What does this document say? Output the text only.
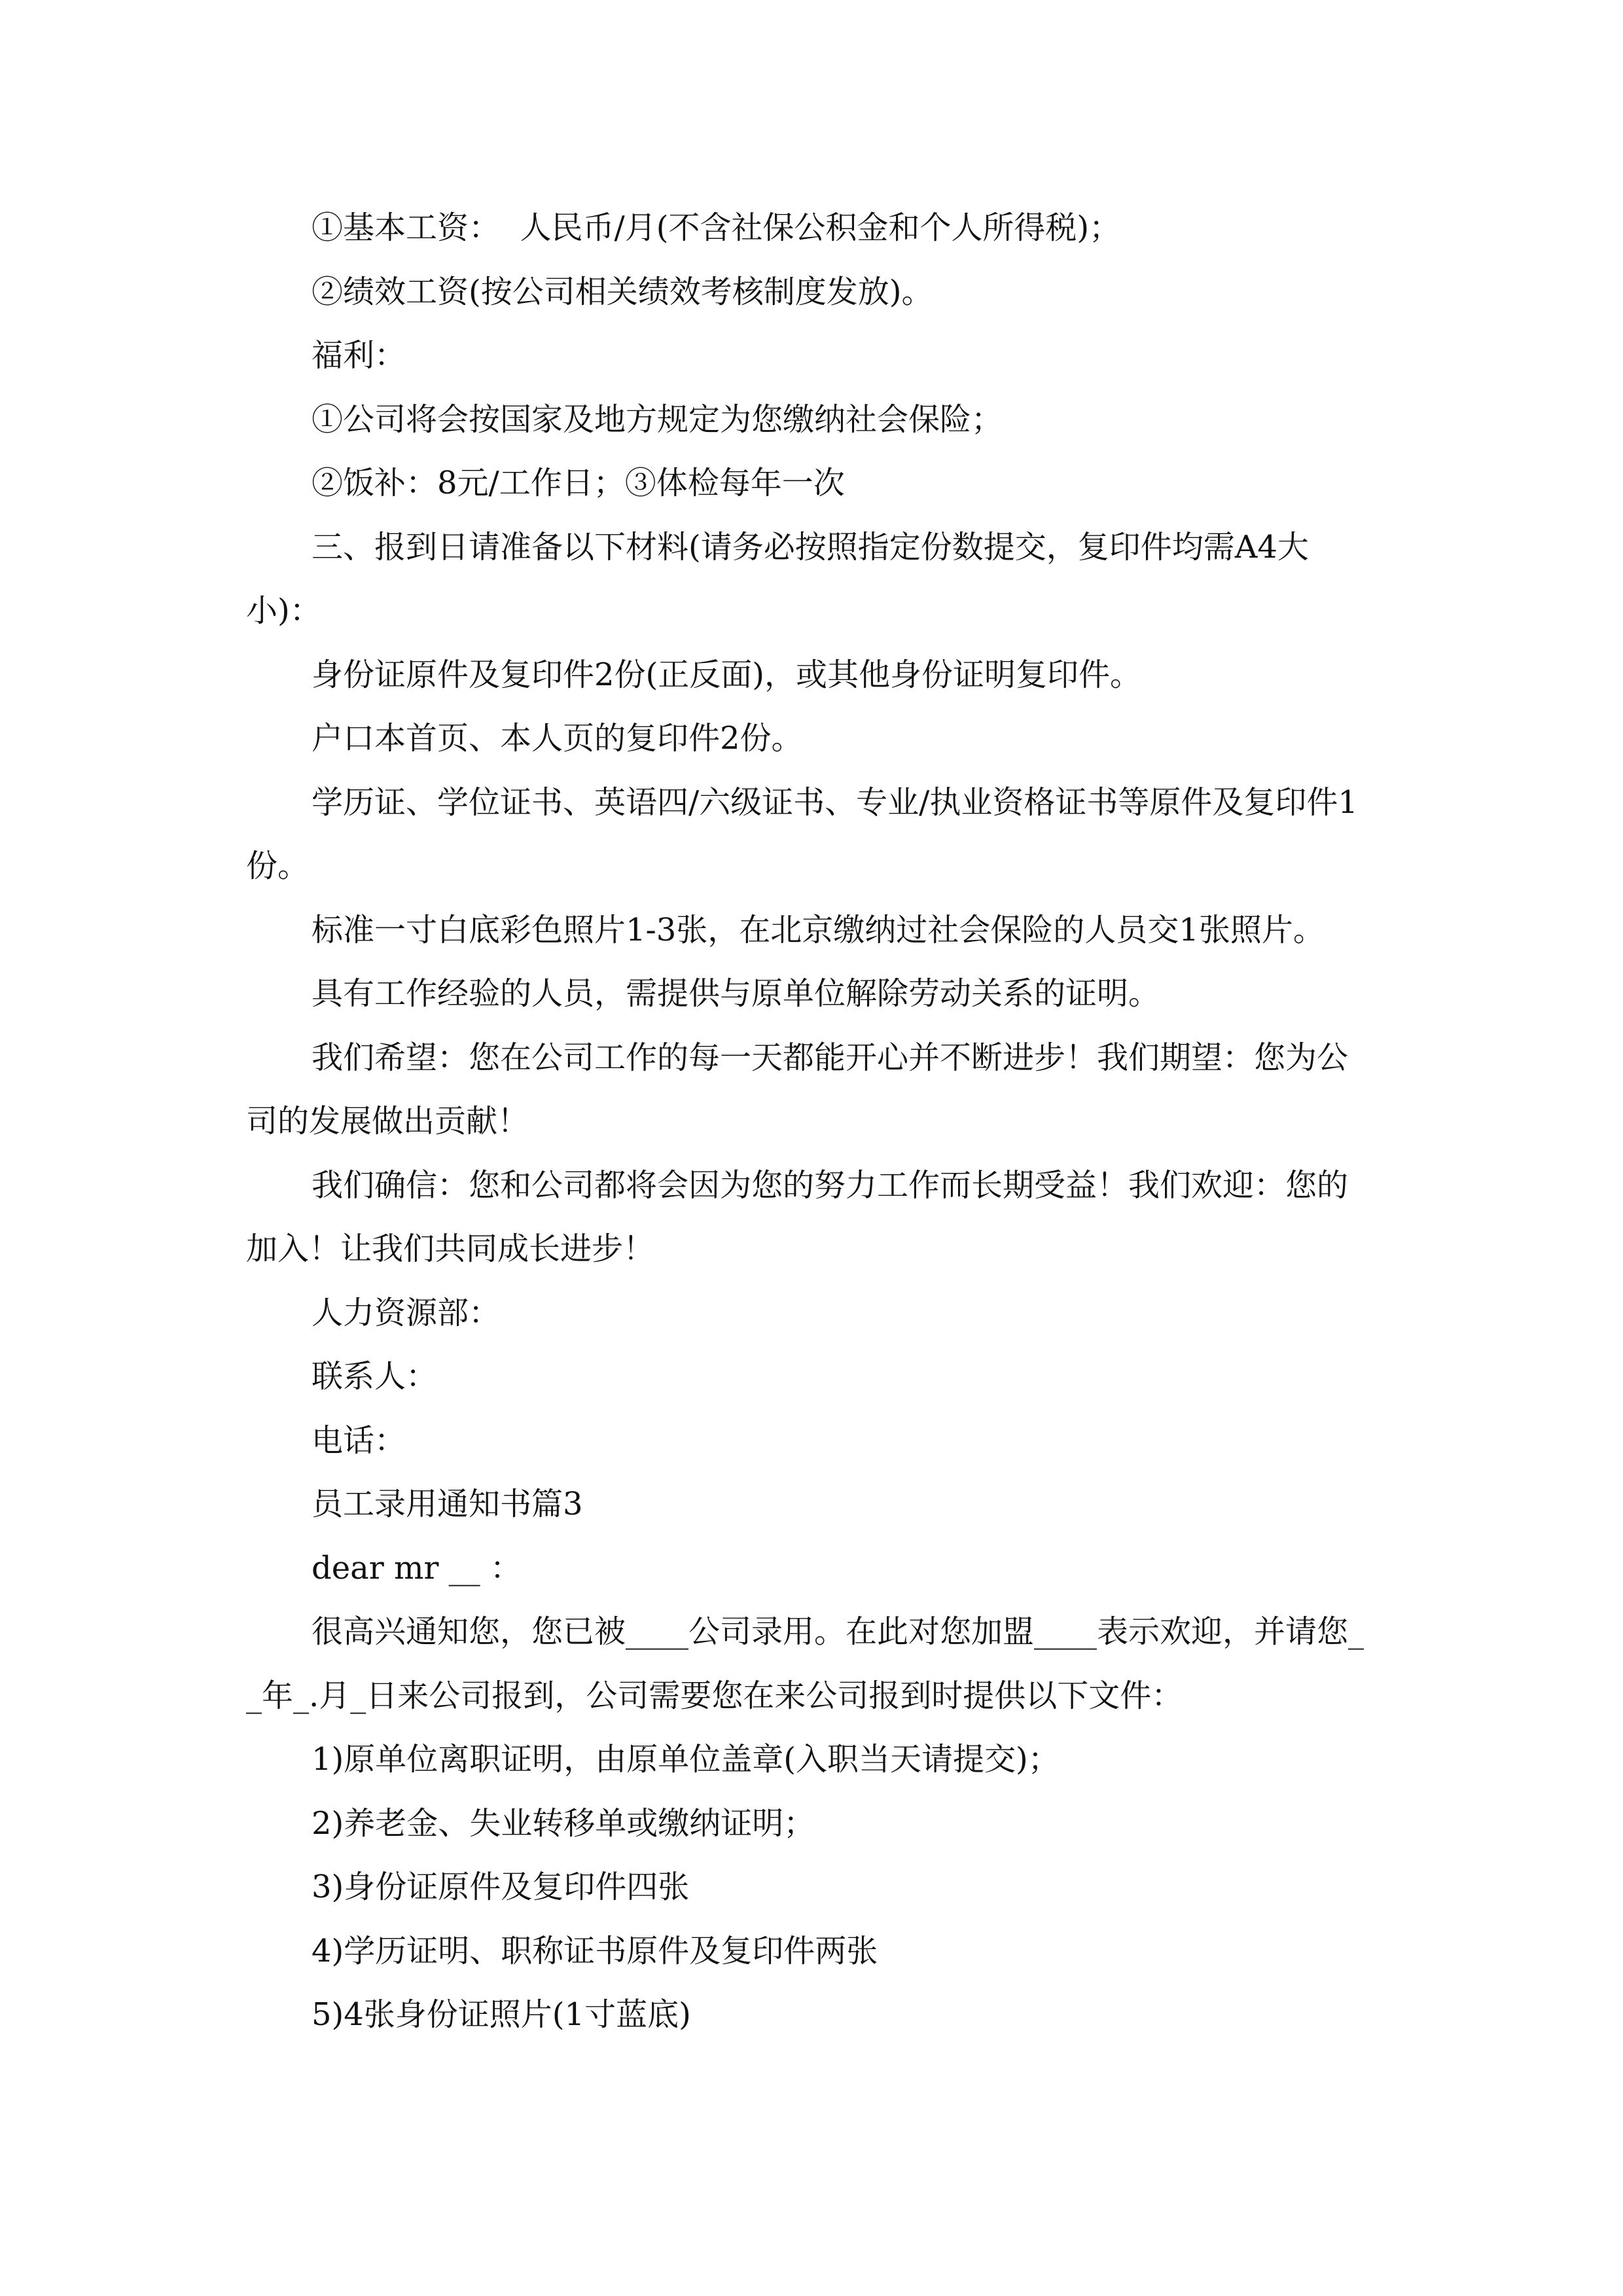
①基本工资：  人民币/月(不含社保公积金和个人所得税)；

②绩效工资(按公司相关绩效考核制度发放)。

福利：

①公司将会按国家及地方规定为您缴纳社会保险；

②饭补：8元/工作日；③体检每年一次

三、报到日请准备以下材料(请务必按照指定份数提交，复印件均需A4大小)：

身份证原件及复印件2份(正反面)，或其他身份证明复印件。

户口本首页、本人页的复印件2份。

学历证、学位证书、英语四/六级证书、专业/执业资格证书等原件及复印件1份。

标准一寸白底彩色照片1-3张，在北京缴纳过社会保险的人员交1张照片。

具有工作经验的人员，需提供与原单位解除劳动关系的证明。

我们希望：您在公司工作的每一天都能开心并不断进步！我们期望：您为公司的发展做出贡献！

我们确信：您和公司都将会因为您的努力工作而长期受益！我们欢迎：您的加入！让我们共同成长进步！

人力资源部：

联系人：

电话：

员工录用通知书篇3

dear mr __ ：

很高兴通知您，您已被____公司录用。在此对您加盟____表示欢迎，并请您__年_.月_日来公司报到，公司需要您在来公司报到时提供以下文件：

1)原单位离职证明，由原单位盖章(入职当天请提交)；

2)养老金、失业转移单或缴纳证明；

3)身份证原件及复印件四张

4)学历证明、职称证书原件及复印件两张

5)4张身份证照片(1寸蓝底)
